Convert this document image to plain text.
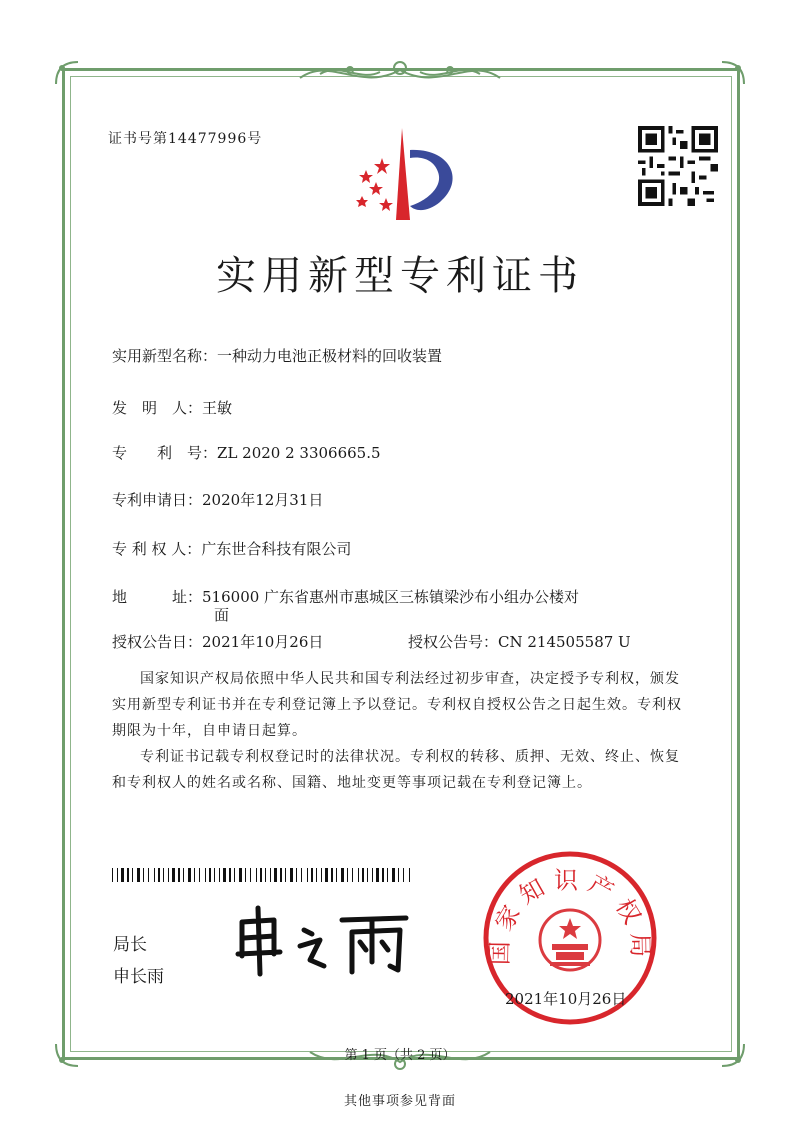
证书号第14477996号
实用新型专利证书
实用新型名称：一种动力电池正极材料的回收装置
发　明　人：王敏
专　　利　号：ZL 2020 2 3306665.5
专利申请日：2020年12月31日
专 利 权 人：广东世合科技有限公司
地　　　址：516000 广东省惠州市惠城区三栋镇梁沙布小组办公楼对
面
授权公告日：2021年10月26日	授权公告号：CN 214505587 U
国家知识产权局依照中华人民共和国专利法经过初步审查，决定授予专利权，颁发实用新型专利证书并在专利登记簿上予以登记。专利权自授权公告之日起生效。专利权期限为十年，自申请日起算。
专利证书记载专利权登记时的法律状况。专利权的转移、质押、无效、终止、恢复和专利权人的姓名或名称、国籍、地址变更等事项记载在专利登记簿上。
局长
申长雨
国家知识产权局
2021年10月26日
第 1 页（共 2 页）
其他事项参见背面
